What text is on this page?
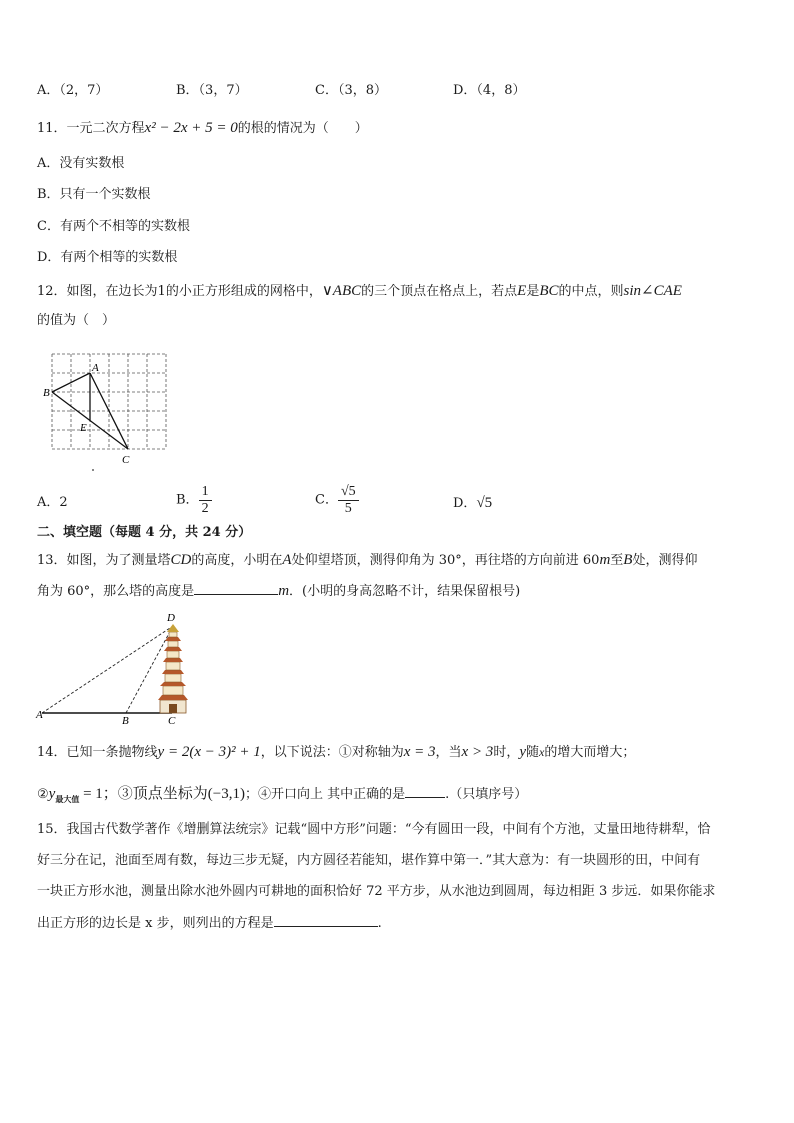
A．（2，7）	B．（3，7）	C．（3，8）	D．（4，8）
11．一元二次方程x² − 2x + 5 = 0的根的情况为（　　）
A．没有实数根
B．只有一个实数根
C．有两个不相等的实数根
D．有两个相等的实数根
12．如图，在边长为1的小正方形组成的网格中，∨ABC的三个顶点在格点上，若点E是BC的中点，则sin∠CAE
的值为（　）
A
B
C
E
A．2	B． $\frac{1}{2}$	C． $\frac{√5}{5}$	D．√5
二、填空题（每题 4 分，共 24 分）
13．如图，为了测量塔CD的高度，小明在A处仰望塔顶，测得仰角为 30°，再往塔的方向前进 60m至B处，测得仰
角为 60°，那么塔的高度是	m．(小明的身高忽略不计，结果保留根号)
D
A	B	C
14．已知一条抛物线y = 2(x − 3)² + 1，以下说法：①对称轴为x = 3，当x > 3时，y随x的增大而增大；
$②y_{最大值} = 1$；③顶点坐标为(−3,1)；④开口向上 其中正确的是	.（只填序号）
15．我国古代数学著作《增删算法统宗》记载“圆中方形”问题：“今有圆田一段，中间有个方池，丈量田地待耕犁，恰
好三分在记，池面至周有数，每边三步无疑，内方圆径若能知，堪作算中第一．”其大意为：有一块圆形的田，中间有
一块正方形水池，测量出除水池外圆内可耕地的面积恰好 72 平方步，从水池边到圆周，每边相距 3 步远．如果你能求
出正方形的边长是 x 步，则列出的方程是	.
